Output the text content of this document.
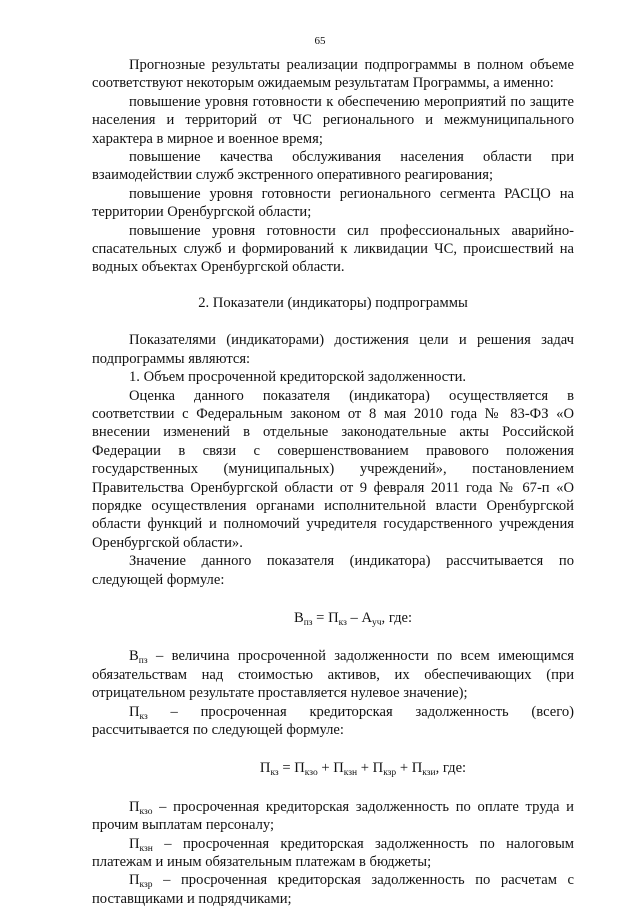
65

Прогнозные результаты реализации подпрограммы в полном объеме соответствуют некоторым ожидаемым результатам Программы, а именно:

повышение уровня готовности к обеспечению мероприятий по защите населения и территорий от ЧС регионального и межмуниципального характера в мирное и военное время;

повышение качества обслуживания населения области при взаимодействии служб экстренного оперативного реагирования;

повышение уровня готовности регионального сегмента РАСЦО на территории Оренбургской области;

повышение уровня готовности сил профессиональных аварийно-спасательных служб и формирований к ликвидации ЧС, происшествий на водных объектах Оренбургской области.

2. Показатели (индикаторы) подпрограммы

Показателями (индикаторами) достижения цели и решения задач подпрограммы являются:

1. Объем просроченной кредиторской задолженности.

Оценка данного показателя (индикатора) осуществляется в соответствии с Федеральным законом от 8 мая 2010 года № 83-ФЗ «О внесении изменений в отдельные законодательные акты Российской Федерации в связи с совершенствованием правового положения государственных (муниципальных) учреждений», постановлением Правительства Оренбургской области от 9 февраля 2011 года № 67-п «О порядке осуществления органами исполнительной власти Оренбургской области функций и полномочий учредителя государственного учреждения Оренбургской области».

Значение данного показателя (индикатора) рассчитывается по следующей формуле:

$В_{пз} = П_{кз} - А_{уч}$, где:

$В_{пз}$ – величина просроченной задолженности по всем имеющимся обязательствам над стоимостью активов, их обеспечивающих (при отрицательном результате проставляется нулевое значение);

$П_{кз}$ – просроченная кредиторская задолженность (всего) рассчитывается по следующей формуле:

$П_{кз} = П_{кзо} + П_{кзн} + П_{кзр} + П_{кзи}$, где:

$П_{кзо}$ – просроченная кредиторская задолженность по оплате труда и прочим выплатам персоналу;

$П_{кзн}$ – просроченная кредиторская задолженность по налоговым платежам и иным обязательным платежам в бюджеты;

$П_{кзр}$ – просроченная кредиторская задолженность по расчетам с поставщиками и подрядчиками;
